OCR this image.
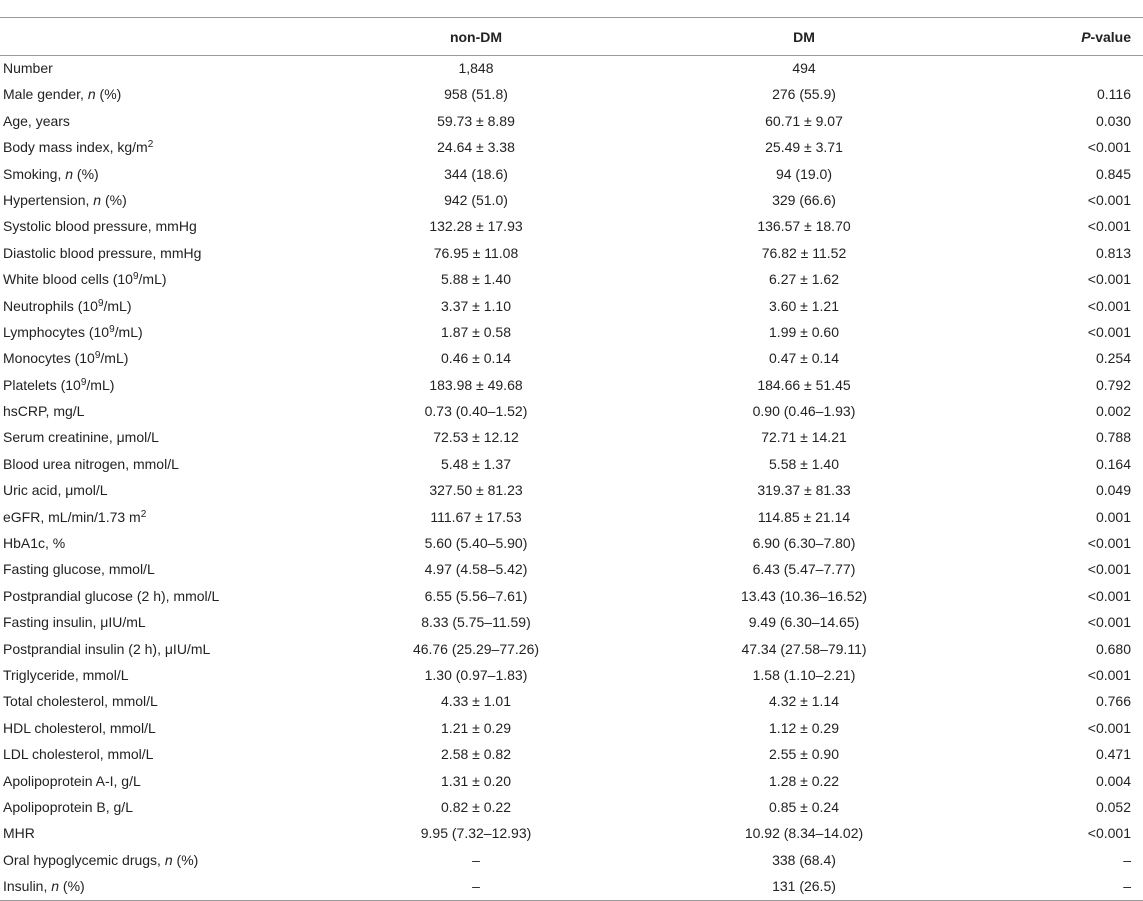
	non-DM	DM	P-value
Number	1,848	494	
Male gender, n (%)	958 (51.8)	276 (55.9)	0.116
Age, years	59.73 ± 8.89	60.71 ± 9.07	0.030
Body mass index, $kg/m^2$	24.64 ± 3.38	25.49 ± 3.71	<0.001
Smoking, n (%)	344 (18.6)	94 (19.0)	0.845
Hypertension, n (%)	942 (51.0)	329 (66.6)	<0.001
Systolic blood pressure, mmHg	132.28 ± 17.93	136.57 ± 18.70	<0.001
Diastolic blood pressure, mmHg	76.95 ± 11.08	76.82 ± 11.52	0.813
White blood cells $(10^9/mL)$	5.88 ± 1.40	6.27 ± 1.62	<0.001
Neutrophils $(10^9/mL)$	3.37 ± 1.10	3.60 ± 1.21	<0.001
Lymphocytes $(10^9/mL)$	1.87 ± 0.58	1.99 ± 0.60	<0.001
Monocytes $(10^9/mL)$	0.46 ± 0.14	0.47 ± 0.14	0.254
Platelets $(10^9/mL)$	183.98 ± 49.68	184.66 ± 51.45	0.792
hsCRP, mg/L	0.73 (0.40–1.52)	0.90 (0.46–1.93)	0.002
Serum creatinine, μmol/L	72.53 ± 12.12	72.71 ± 14.21	0.788
Blood urea nitrogen, mmol/L	5.48 ± 1.37	5.58 ± 1.40	0.164
Uric acid, μmol/L	327.50 ± 81.23	319.37 ± 81.33	0.049
eGFR, mL/min/1.73 $m^2$	111.67 ± 17.53	114.85 ± 21.14	0.001
HbA1c, %	5.60 (5.40–5.90)	6.90 (6.30–7.80)	<0.001
Fasting glucose, mmol/L	4.97 (4.58–5.42)	6.43 (5.47–7.77)	<0.001
Postprandial glucose (2 h), mmol/L	6.55 (5.56–7.61)	13.43 (10.36–16.52)	<0.001
Fasting insulin, μIU/mL	8.33 (5.75–11.59)	9.49 (6.30–14.65)	<0.001
Postprandial insulin (2 h), μIU/mL	46.76 (25.29–77.26)	47.34 (27.58–79.11)	0.680
Triglyceride, mmol/L	1.30 (0.97–1.83)	1.58 (1.10–2.21)	<0.001
Total cholesterol, mmol/L	4.33 ± 1.01	4.32 ± 1.14	0.766
HDL cholesterol, mmol/L	1.21 ± 0.29	1.12 ± 0.29	<0.001
LDL cholesterol, mmol/L	2.58 ± 0.82	2.55 ± 0.90	0.471
Apolipoprotein A-I, g/L	1.31 ± 0.20	1.28 ± 0.22	0.004
Apolipoprotein B, g/L	0.82 ± 0.22	0.85 ± 0.24	0.052
MHR	9.95 (7.32–12.93)	10.92 (8.34–14.02)	<0.001
Oral hypoglycemic drugs, n (%)	–	338 (68.4)	–
Insulin, n (%)	–	131 (26.5)	–
